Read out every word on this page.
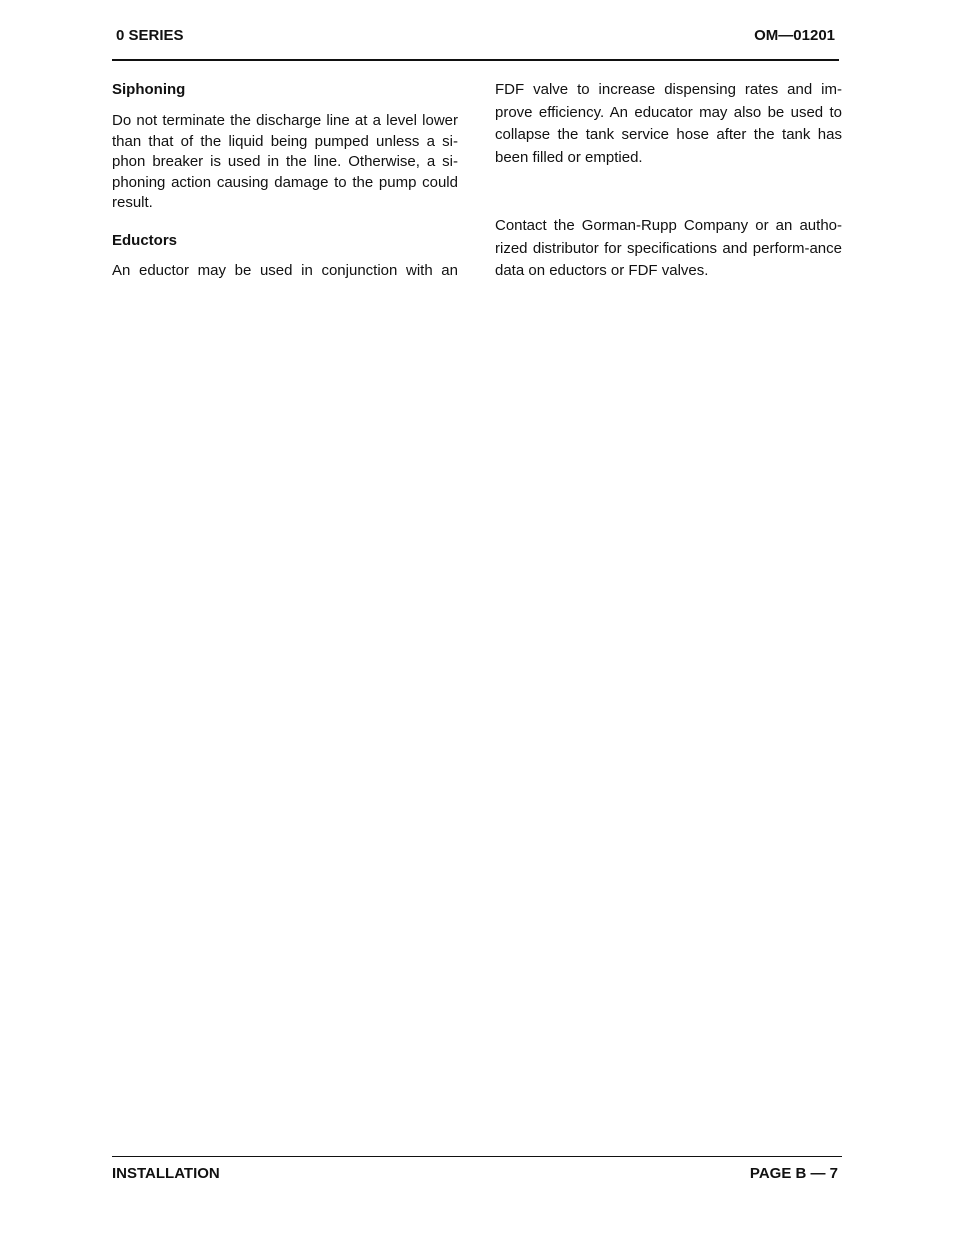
0 SERIES	OM—01201
Siphoning

Do not terminate the discharge line at a level lower than that of the liquid being pumped unless a si-phon breaker is used in the line. Otherwise, a si-phoning action causing damage to the pump could result.

Eductors

An eductor may be used in conjunction with an

FDF valve to increase dispensing rates and im-prove efficiency. An educator may also be used to collapse the tank service hose after the tank has been filled or emptied.

Contact the Gorman-Rupp Company or an autho-rized distributor for specifications and perform-ance data on eductors or FDF valves.

INSTALLATION	PAGE B — 7
